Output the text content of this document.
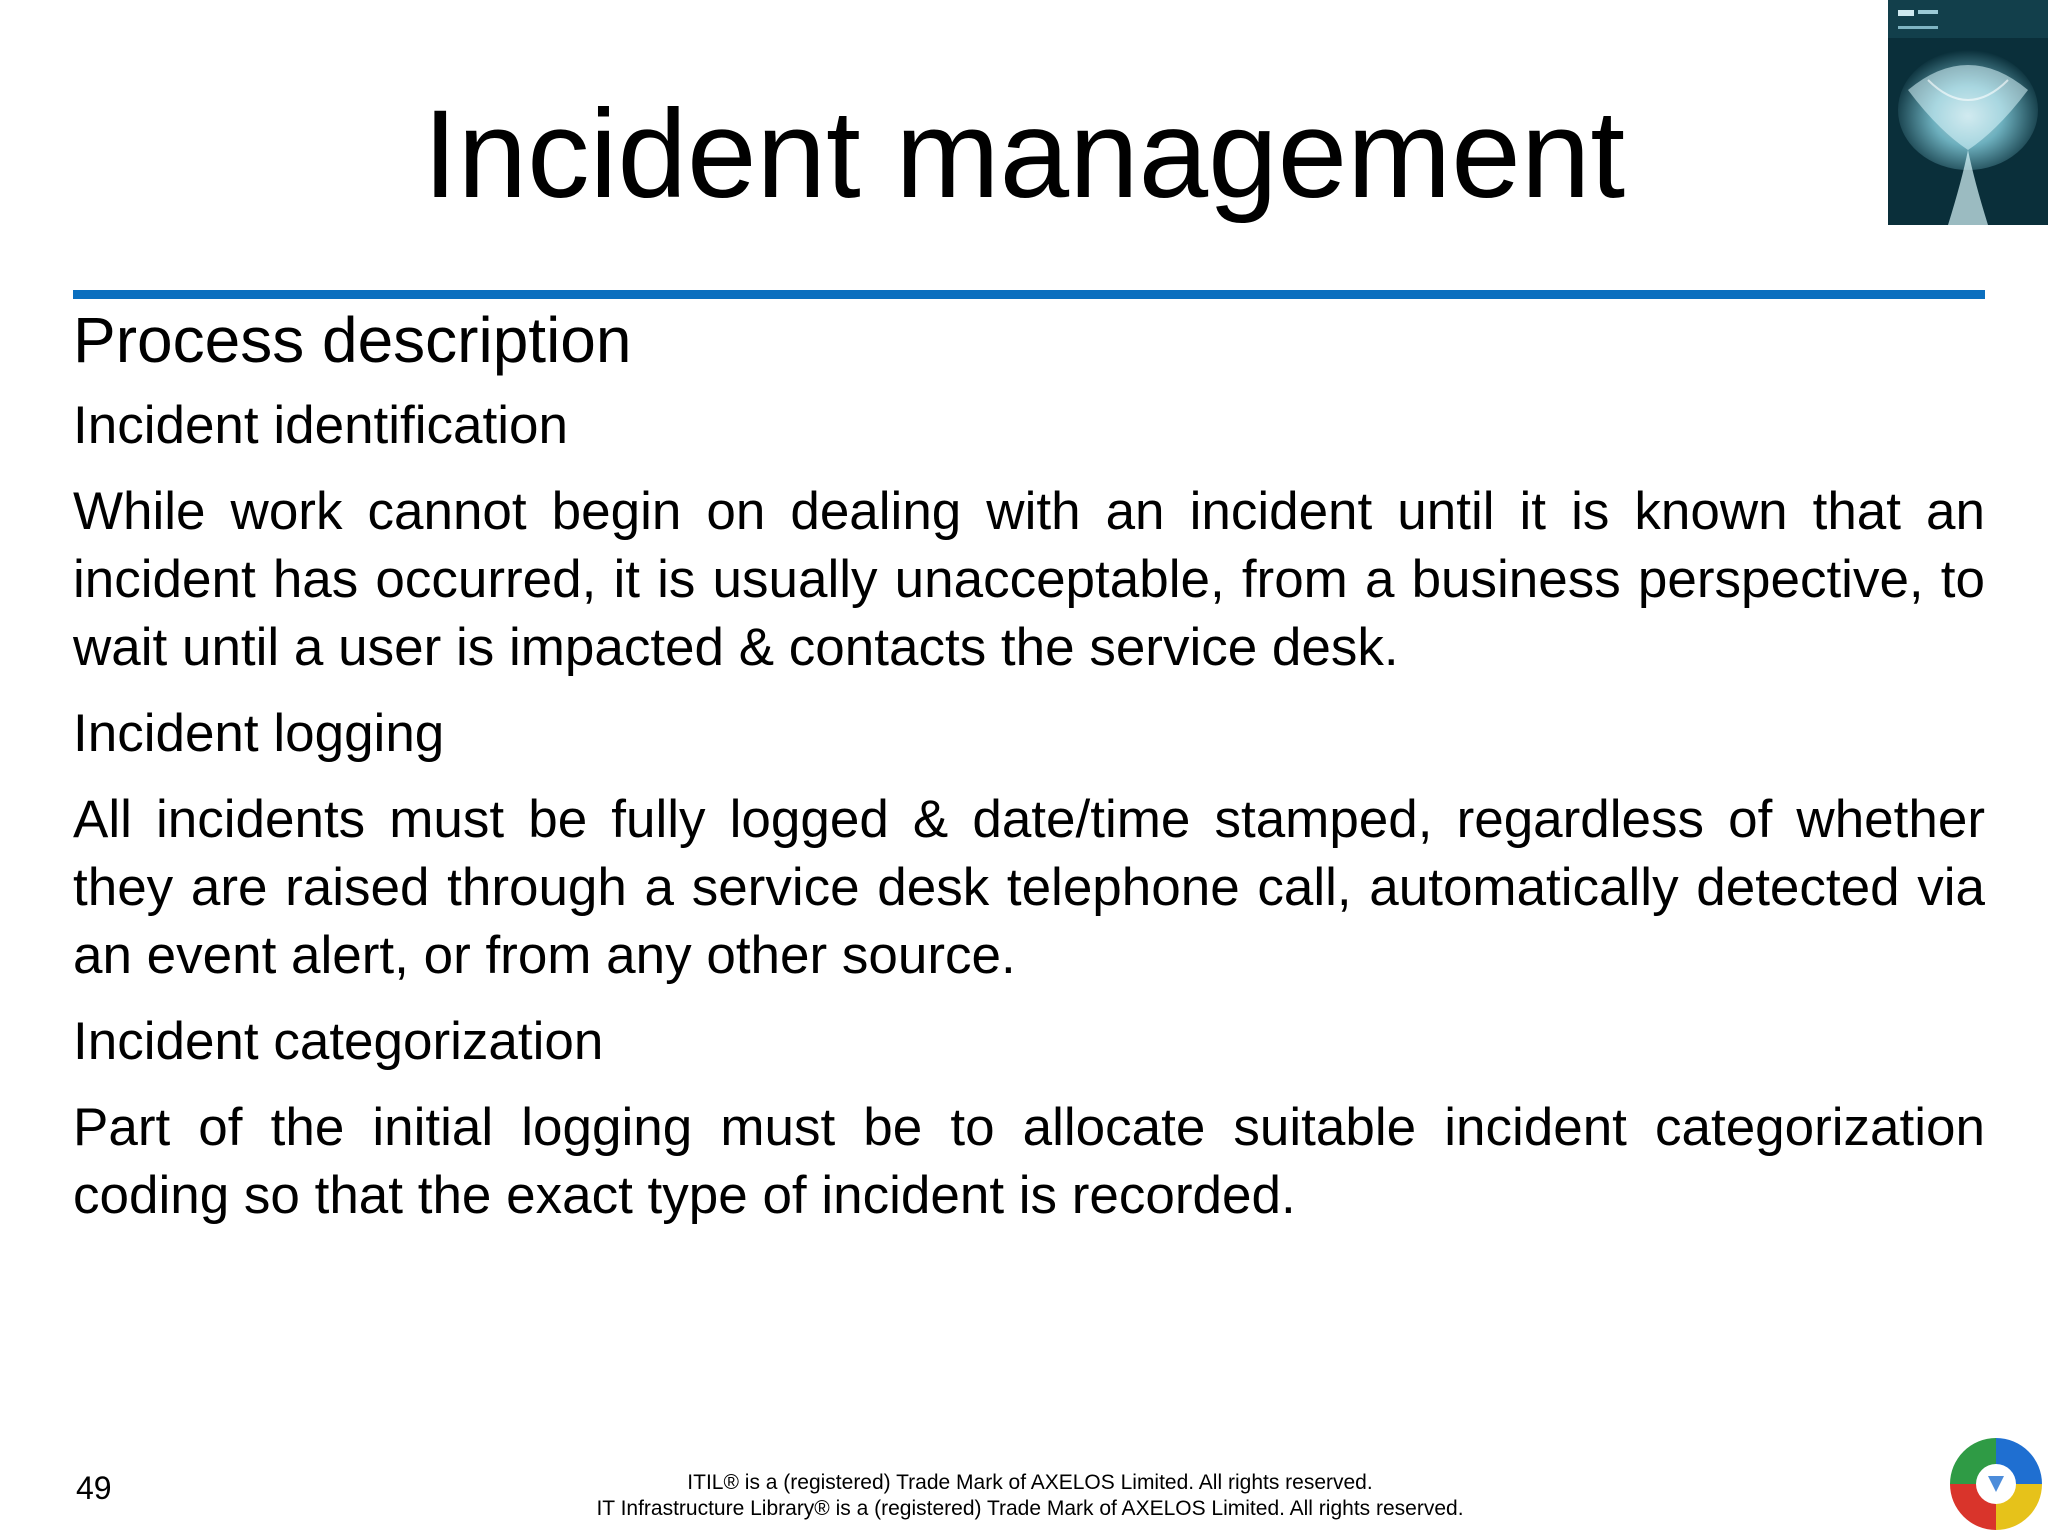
Incident management
Process description
Incident identification
While work cannot begin on dealing with an incident until it is known that an incident has occurred, it is usually unacceptable, from a business perspective, to wait until a user is impacted & contacts the service desk.
Incident logging
All incidents must be fully logged & date/time stamped, regardless of whether they are raised through a service desk telephone call, automatically detected via an event alert, or from any other source.
Incident categorization
Part of the initial logging must be to allocate suitable incident categorization coding so that the exact type of incident is recorded.
49	ITIL® is a (registered) Trade Mark of AXELOS Limited. All rights reserved.
IT Infrastructure Library® is a (registered) Trade Mark of AXELOS Limited. All rights reserved.
